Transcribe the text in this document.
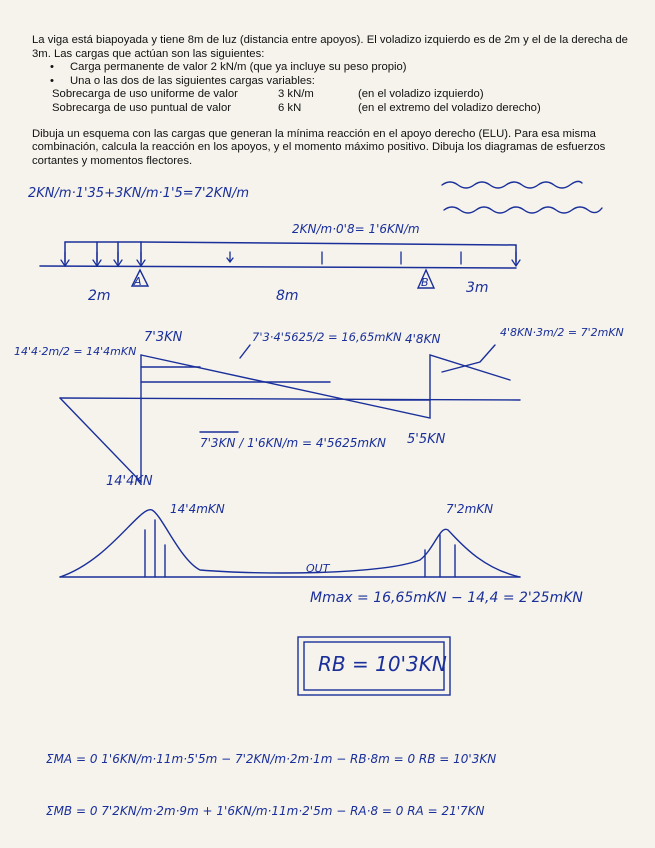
La viga está biapoyada y tiene 8m de luz (distancia entre apoyos). El voladizo izquierdo es de 2m y el de la derecha de 3m. Las cargas que actúan son las siguientes:

• Carga permanente de valor 2 kN/m (que ya incluye su peso propio)
• Una o las dos de las siguientes cargas variables:
Sobrecarga de uso uniforme de valor	3 kN/m	(en el voladizo izquierdo)
Sobrecarga de uso puntual de valor	6 kN	(en el extremo del voladizo derecho)

Dibuja un esquema con las cargas que generan la mínima reacción en el apoyo derecho (ELU). Para esa misma combinación, calcula la reacción en los apoyos, y el momento máximo positivo. Dibuja los diagramas de esfuerzos cortantes y momentos flectores.

2KN/m·1'35+3KN/m·1'5=7'2KN/m
2KN/m·0'8= 1'6KN/m
A	B
2m	8m	3m
14'4·2m/2 = 14'4mKN
7'3KN	7'3·4'5625/2 = 16,65mKN 4'8KN	4'8KN·3m/2 = 7'2mKN
7'3KN / 1'6KN/m = 4'5625mKN 5'5KN
14'4KN
14'4mKN	7'2mKN
OUT
Mmax = 16,65mKN − 14,4 = 2'25mKN
RB = 10'3KN
ΣMA = 0 1'6KN/m·11m·5'5m − 7'2KN/m·2m·1m − RB·8m = 0 RB = 10'3KN
ΣMB = 0 7'2KN/m·2m·9m + 1'6KN/m·11m·2'5m − RA·8 = 0 RA = 21'7KN
